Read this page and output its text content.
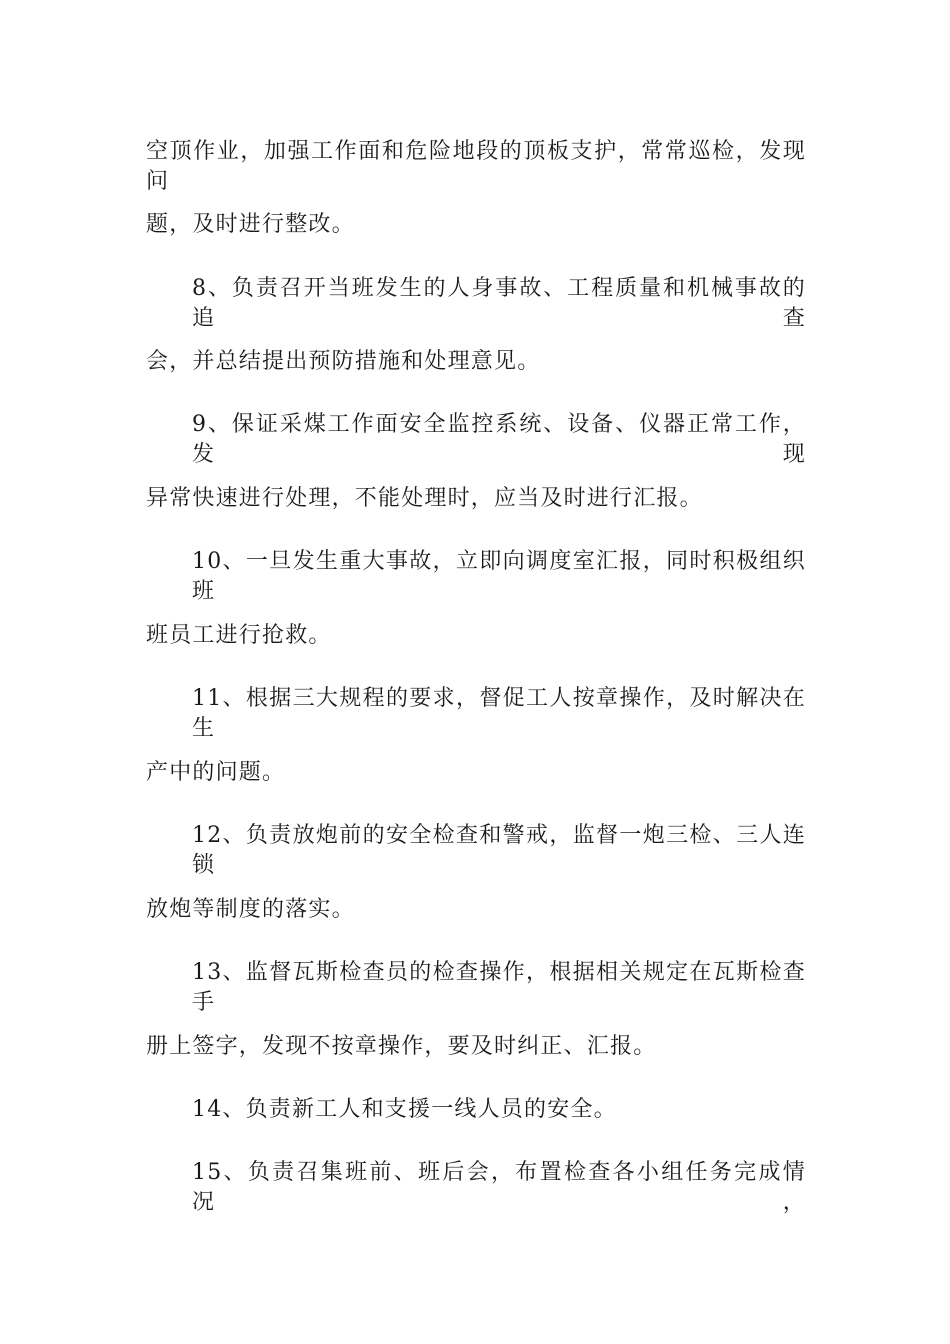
空顶作业，加强工作面和危险地段的顶板支护，常常巡检，发现问
题，及时进行整改。
8、负责召开当班发生的人身事故、工程质量和机械事故的追查
会，并总结提出预防措施和处理意见。
9、保证采煤工作面安全监控系统、设备、仪器正常工作，发现
异常快速进行处理，不能处理时，应当及时进行汇报。
10、一旦发生重大事故，立即向调度室汇报，同时积极组织班
班员工进行抢救。
11、根据三大规程的要求，督促工人按章操作，及时解决在生
产中的问题。
12、负责放炮前的安全检查和警戒，监督一炮三检、三人连锁
放炮等制度的落实。
13、监督瓦斯检查员的检查操作，根据相关规定在瓦斯检查手
册上签字，发现不按章操作，要及时纠正、汇报。
14、负责新工人和支援一线人员的安全。
15、负责召集班前、班后会，布置检查各小组任务完成情况，
